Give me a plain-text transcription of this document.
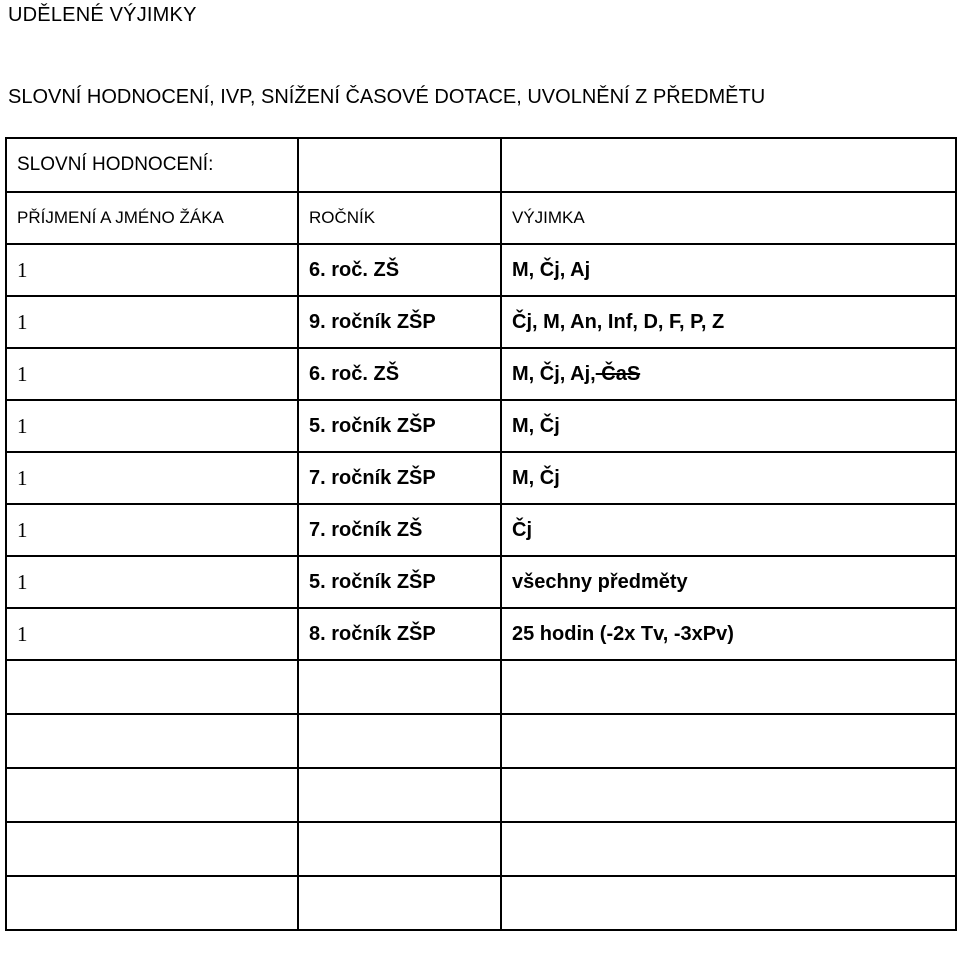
UDĚLENÉ VÝJIMKY
SLOVNÍ HODNOCENÍ, IVP, SNÍŽENÍ ČASOVÉ DOTACE, UVOLNĚNÍ Z PŘEDMĚTU
SLOVNÍ HODNOCENÍ:		
PŘÍJMENÍ A JMÉNO ŽÁKA	ROČNÍK	VÝJIMKA
1	6. roč. ZŠ	M, Čj, Aj
1	9. ročník ZŠP	Čj, M, An, Inf, D, F, P, Z
1	6. roč. ZŠ	M, Čj, Aj, ČaS
1	5. ročník ZŠP	M, Čj
1	7. ročník ZŠP	M, Čj
1	7. ročník ZŠ	Čj
1	5. ročník ZŠP	všechny předměty
1	8. ročník ZŠP	25 hodin (-2x Tv, -3xPv)
